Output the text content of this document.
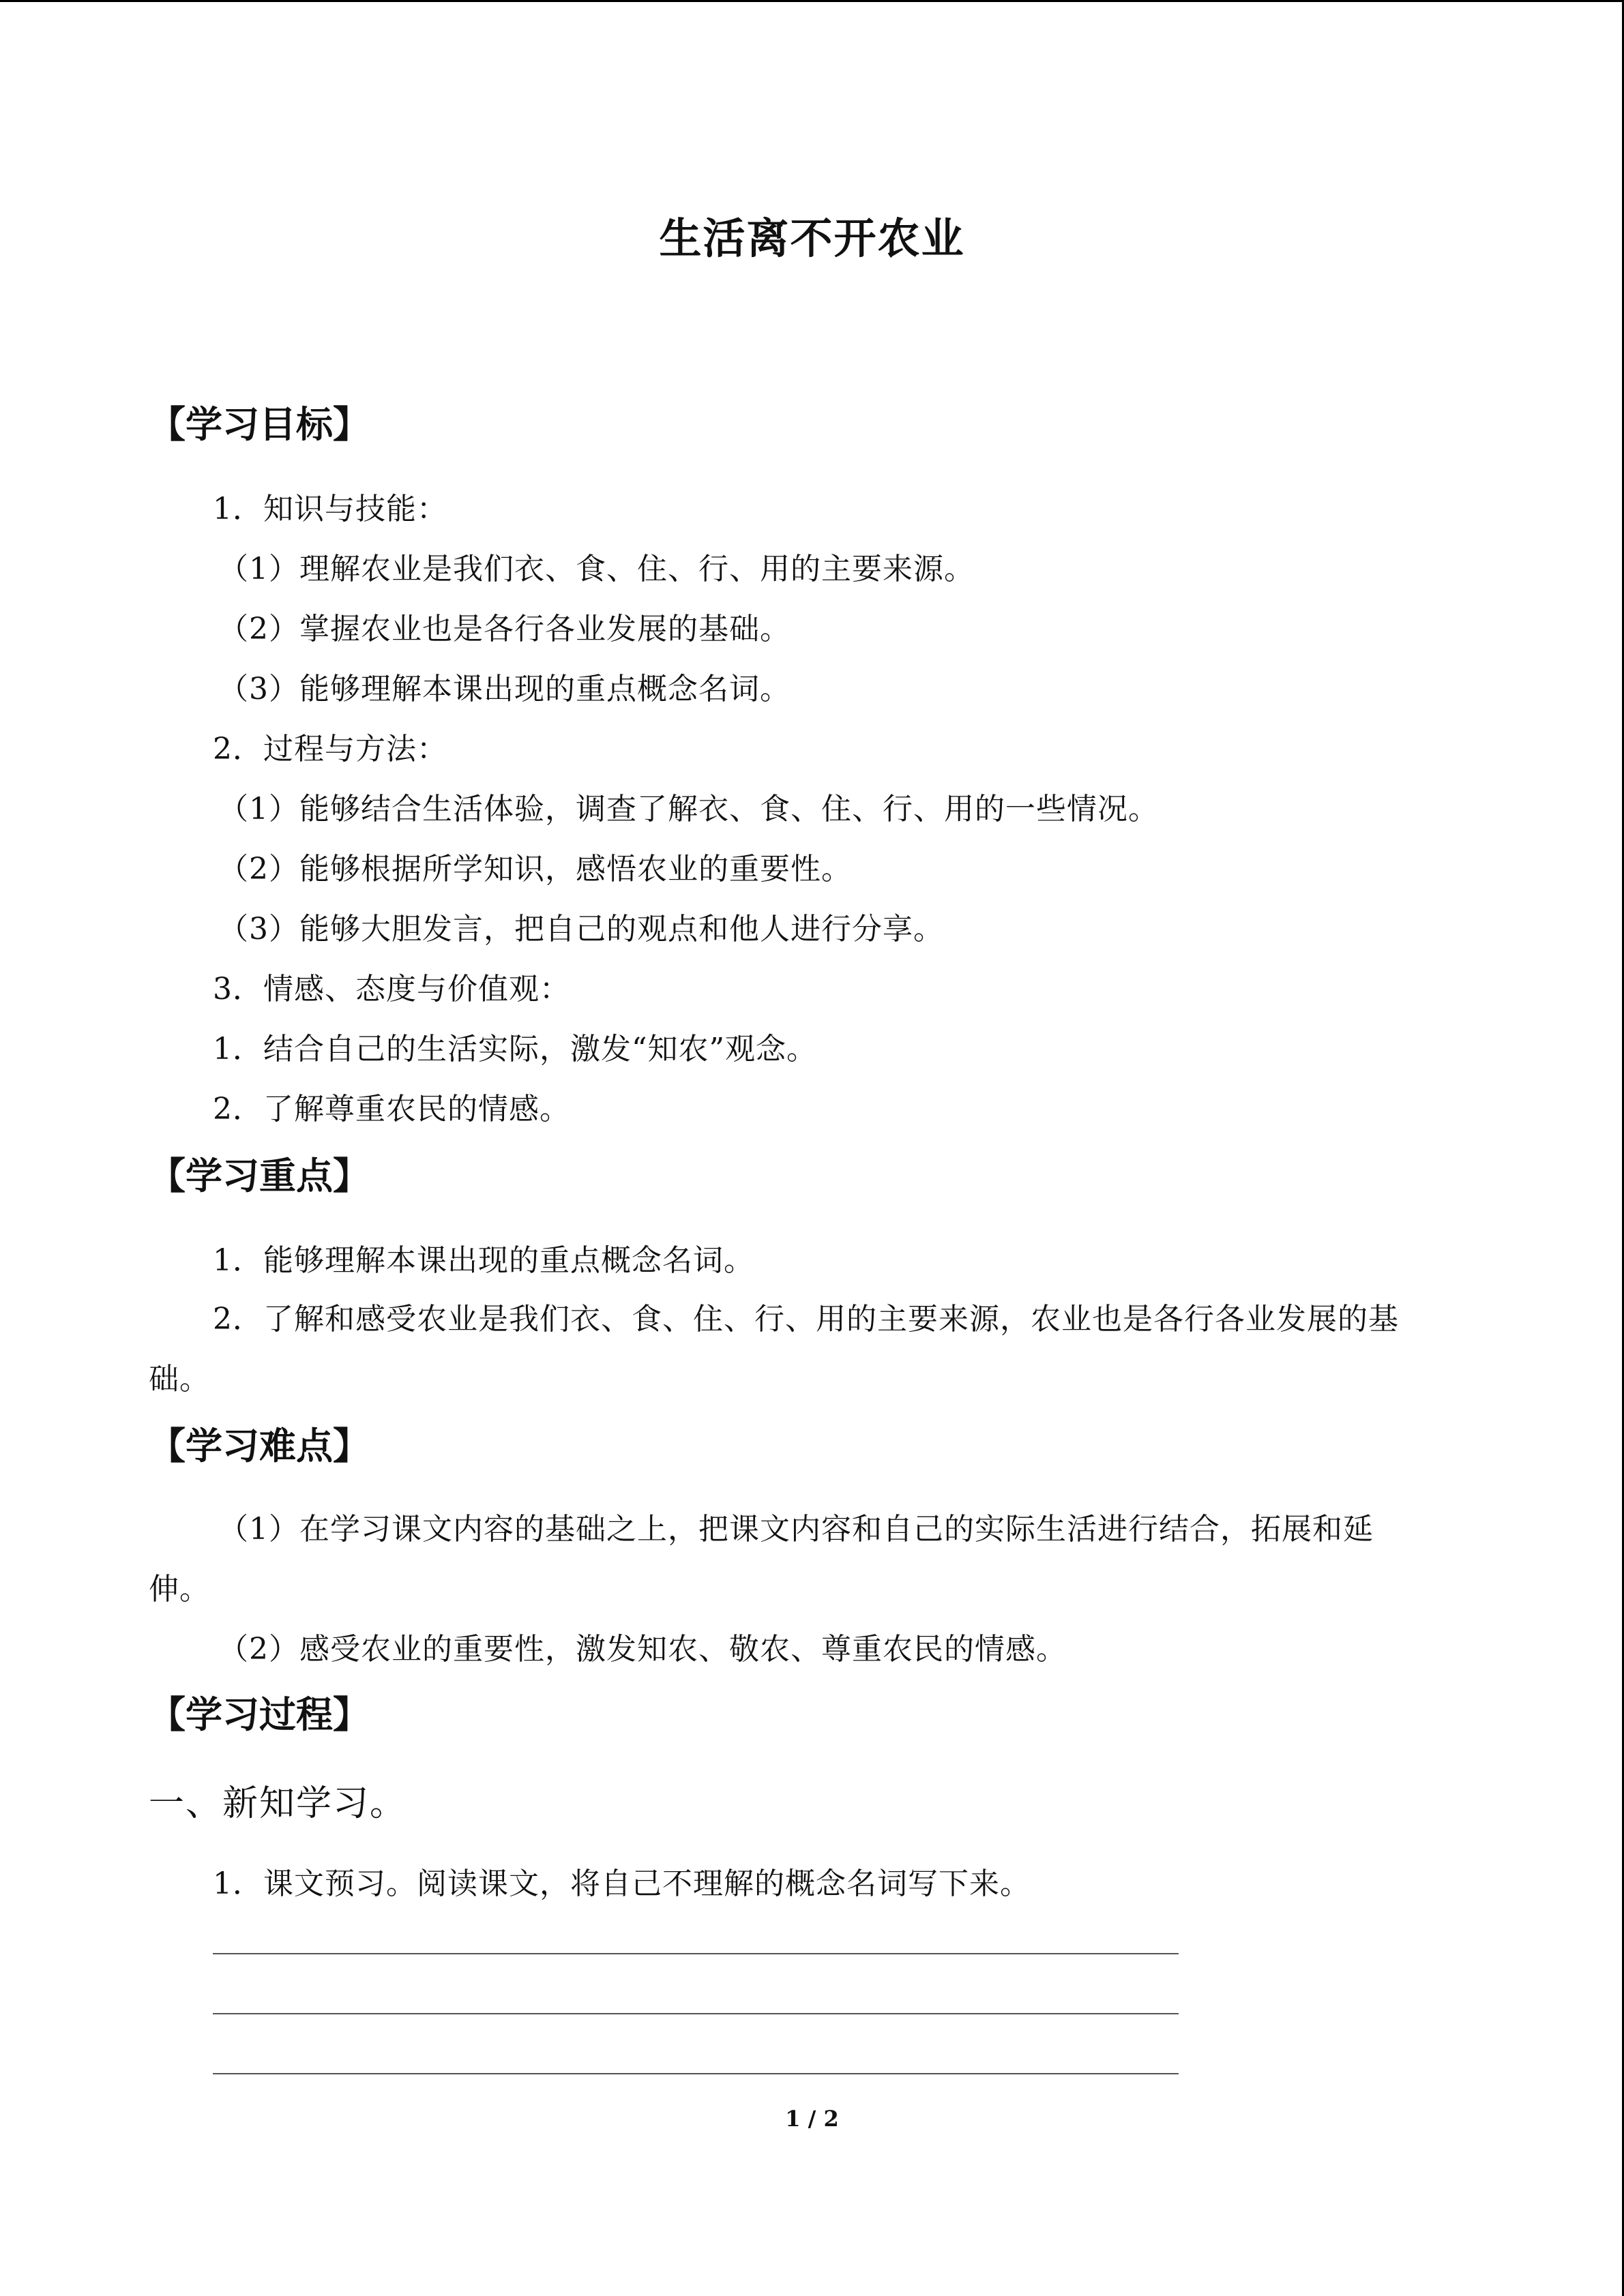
生活离不开农业
【学习目标】
1．知识与技能：
（1）理解农业是我们衣、食、住、行、用的主要来源。
（2）掌握农业也是各行各业发展的基础。
（3）能够理解本课出现的重点概念名词。
2．过程与方法：
（1）能够结合生活体验，调查了解衣、食、住、行、用的一些情况。
（2）能够根据所学知识，感悟农业的重要性。
（3）能够大胆发言，把自己的观点和他人进行分享。
3．情感、态度与价值观：
1．结合自己的生活实际，激发“知农”观念。
2．了解尊重农民的情感。
【学习重点】
1．能够理解本课出现的重点概念名词。
2．了解和感受农业是我们衣、食、住、行、用的主要来源，农业也是各行各业发展的基
础。
【学习难点】
（1）在学习课文内容的基础之上，把课文内容和自己的实际生活进行结合，拓展和延
伸。
（2）感受农业的重要性，激发知农、敬农、尊重农民的情感。
【学习过程】
一、新知学习。
1．课文预习。阅读课文，将自己不理解的概念名词写下来。
1 / 2
